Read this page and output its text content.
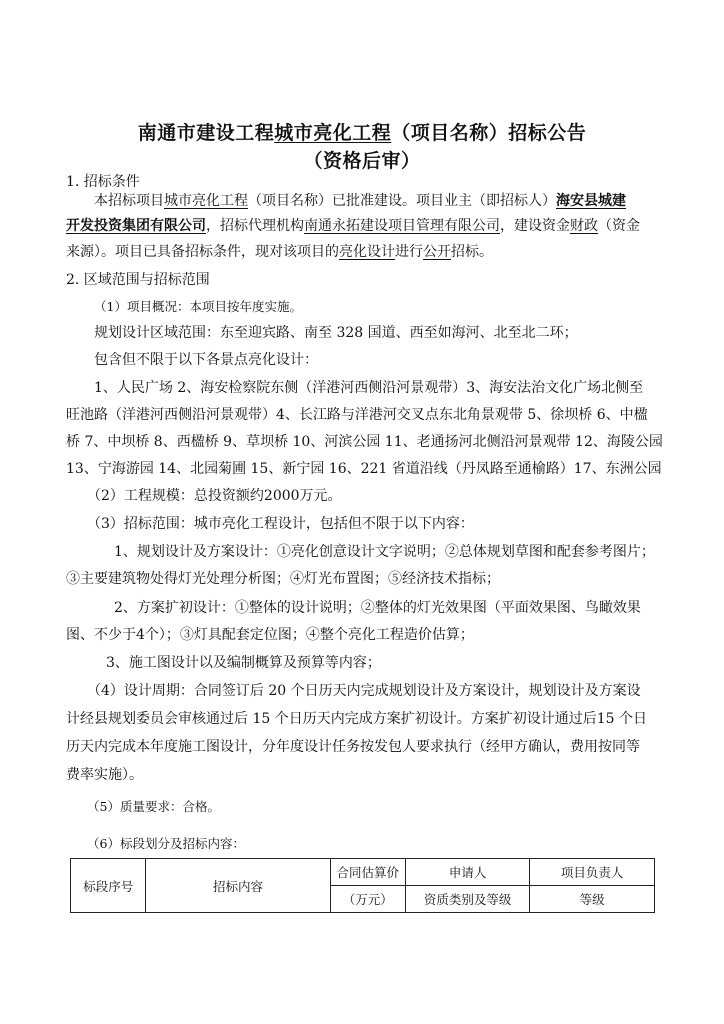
南通市建设工程城市亮化工程（项目名称）招标公告
（资格后审）
1. 招标条件
本招标项目城市亮化工程（项目名称）已批准建设。项目业主（即招标人）海安县城建
开发投资集团有限公司，招标代理机构南通永拓建设项目管理有限公司，建设资金财政（资金
来源）。项目已具备招标条件，现对该项目的亮化设计进行公开招标。
2. 区域范围与招标范围
（1）项目概况：本项目按年度实施。
规划设计区域范围：东至迎宾路、南至 328 国道、西至如海河、北至北二环；
包含但不限于以下各景点亮化设计：
1、人民广场 2、海安检察院东侧（洋港河西侧沿河景观带）3、海安法治文化广场北侧至
旺池路（洋港河西侧沿河景观带）4、长江路与洋港河交叉点东北角景观带 5、徐坝桥 6、中楹
桥 7、中坝桥 8、西楹桥 9、草坝桥 10、河滨公园 11、老通扬河北侧沿河景观带 12、海陵公园
13、宁海游园 14、北园菊圃 15、新宁园 16、221 省道沿线（丹凤路至通榆路）17、东洲公园
（2）工程规模：总投资额约2000万元。
（3）招标范围：城市亮化工程设计，包括但不限于以下内容：
1、规划设计及方案设计：①亮化创意设计文字说明；②总体规划草图和配套参考图片；
③主要建筑物处得灯光处理分析图；④灯光布置图；⑤经济技术指标；
2、方案扩初设计：①整体的设计说明；②整体的灯光效果图（平面效果图、鸟瞰效果
图、不少于4个）；③灯具配套定位图；④整个亮化工程造价估算；
3、施工图设计以及编制概算及预算等内容；
（4）设计周期：合同签订后 20 个日历天内完成规划设计及方案设计，规划设计及方案设
计经县规划委员会审核通过后 15 个日历天内完成方案扩初设计。方案扩初设计通过后15 个日
历天内完成本年度施工图设计，分年度设计任务按发包人要求执行（经甲方确认，费用按同等
费率实施）。
（5）质量要求：合格。
（6）标段划分及招标内容：
标段序号	招标内容	合同估算价	申请人	项目负责人
		（万元）	资质类别及等级	等级
